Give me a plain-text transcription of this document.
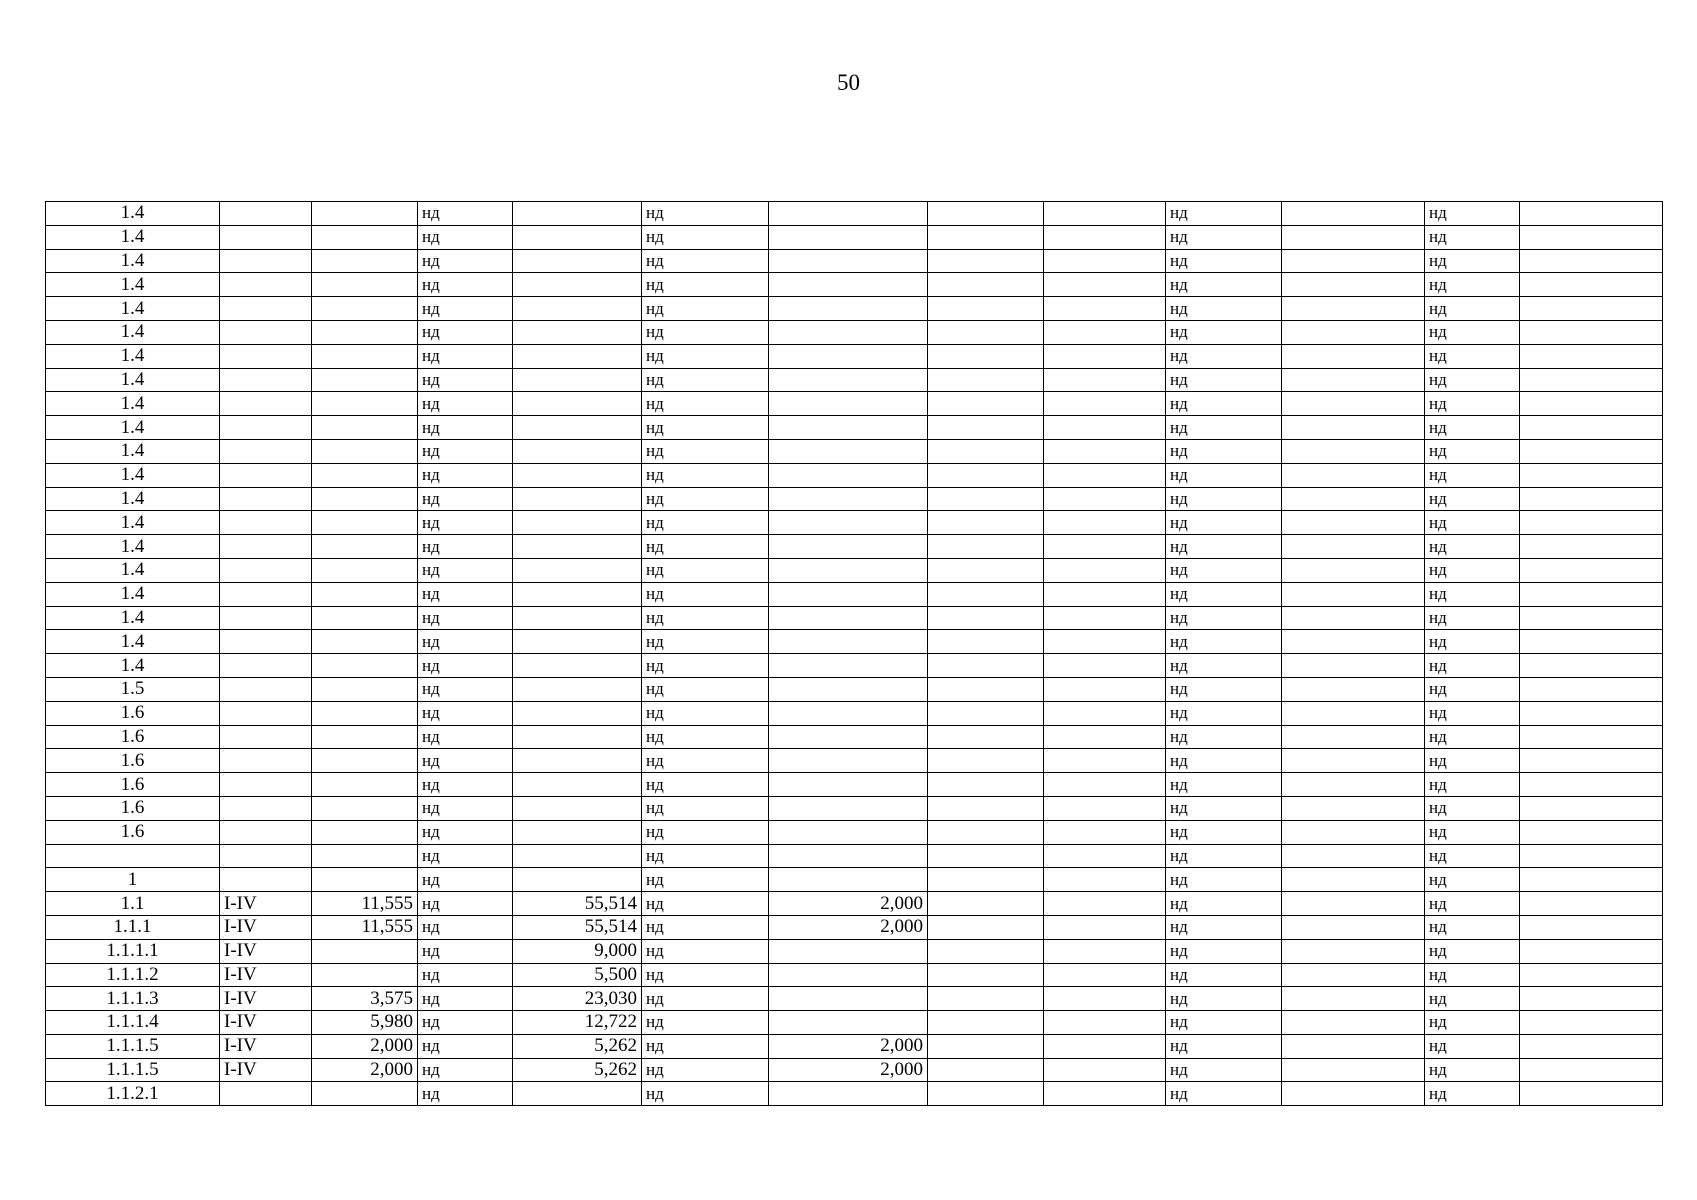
50
1.4			нд		нд				нд		нд	
1.4			нд		нд				нд		нд	
1.4			нд		нд				нд		нд	
1.4			нд		нд				нд		нд	
1.4			нд		нд				нд		нд	
1.4			нд		нд				нд		нд	
1.4			нд		нд				нд		нд	
1.4			нд		нд				нд		нд	
1.4			нд		нд				нд		нд	
1.4			нд		нд				нд		нд	
1.4			нд		нд				нд		нд	
1.4			нд		нд				нд		нд	
1.4			нд		нд				нд		нд	
1.4			нд		нд				нд		нд	
1.4			нд		нд				нд		нд	
1.4			нд		нд				нд		нд	
1.4			нд		нд				нд		нд	
1.4			нд		нд				нд		нд	
1.4			нд		нд				нд		нд	
1.4			нд		нд				нд		нд	
1.5			нд		нд				нд		нд	
1.6			нд		нд				нд		нд	
1.6			нд		нд				нд		нд	
1.6			нд		нд				нд		нд	
1.6			нд		нд				нд		нд	
1.6			нд		нд				нд		нд	
1.6			нд		нд				нд		нд	
			нд		нд				нд		нд	
1			нд		нд				нд		нд	
1.1	I-IV	11,555	нд	55,514	нд	2,000			нд		нд	
1.1.1	I-IV	11,555	нд	55,514	нд	2,000			нд		нд	
1.1.1.1	I-IV		нд	9,000	нд				нд		нд	
1.1.1.2	I-IV		нд	5,500	нд				нд		нд	
1.1.1.3	I-IV	3,575	нд	23,030	нд				нд		нд	
1.1.1.4	I-IV	5,980	нд	12,722	нд				нд		нд	
1.1.1.5	I-IV	2,000	нд	5,262	нд	2,000			нд		нд	
1.1.1.5	I-IV	2,000	нд	5,262	нд	2,000			нд		нд	
1.1.2.1			нд		нд				нд		нд	
